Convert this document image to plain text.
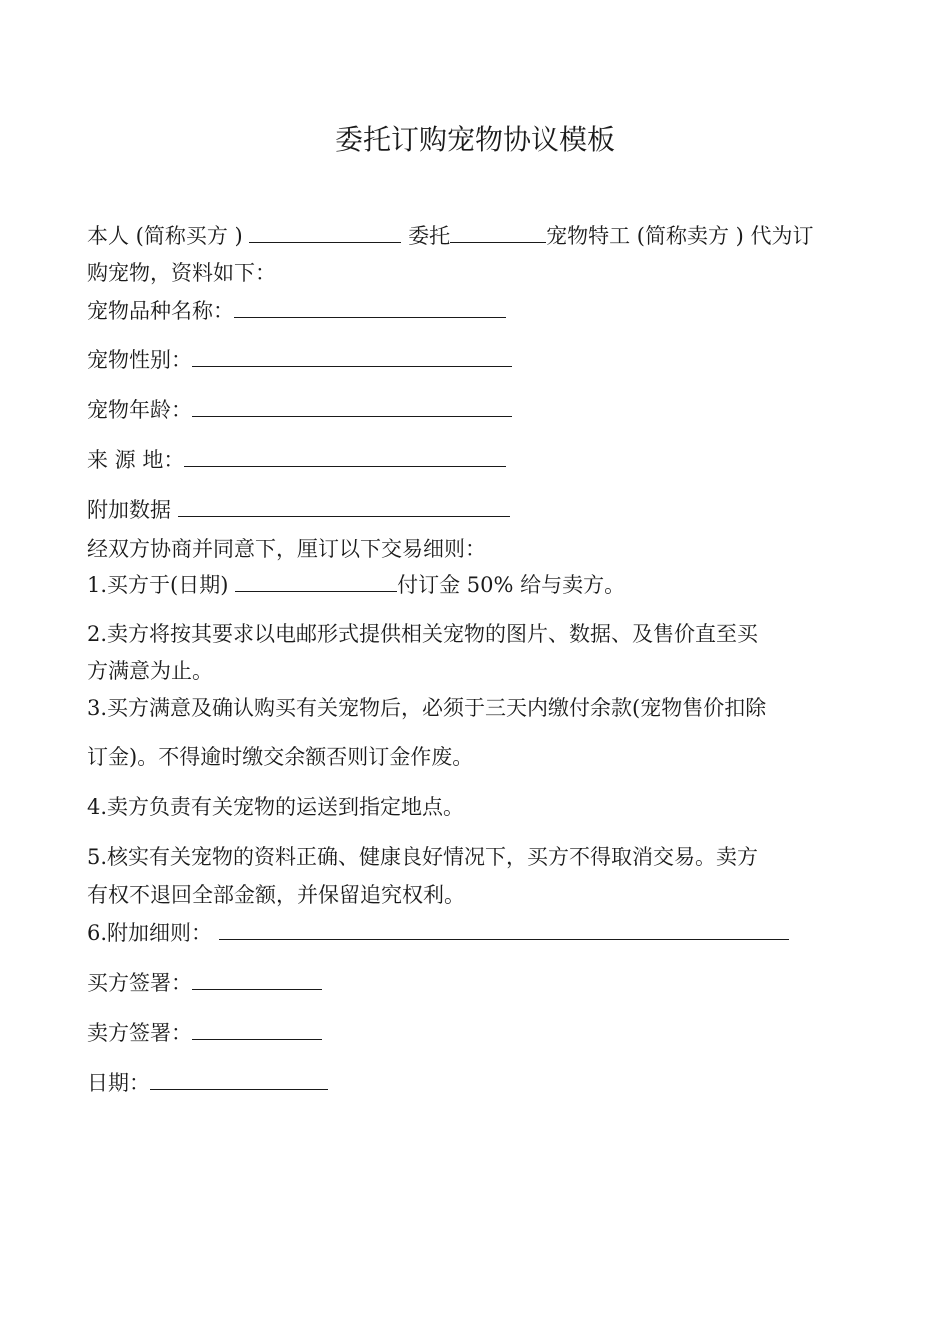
委托订购宠物协议模板
本人 (简称买方 )	委托	宠物特工 (简称卖方 ) 代为订
购宠物，资料如下：
宠物品种名称：
宠物性别：
宠物年龄：
来 源 地：
附加数据
经双方协商并同意下，厘订以下交易细则：
1.买方于(日期)	付订金 50% 给与卖方。
2.卖方将按其要求以电邮形式提供相关宠物的图片、数据、及售价直至买
方满意为止。
3.买方满意及确认购买有关宠物后，必须于三天内缴付余款(宠物售价扣除
订金)。不得逾时缴交余额否则订金作废。
4.卖方负责有关宠物的运送到指定地点。
5.核实有关宠物的资料正确、健康良好情况下，买方不得取消交易。卖方
有权不退回全部金额，并保留追究权利。
6.附加细则：
买方签署：
卖方签署：
日期：
